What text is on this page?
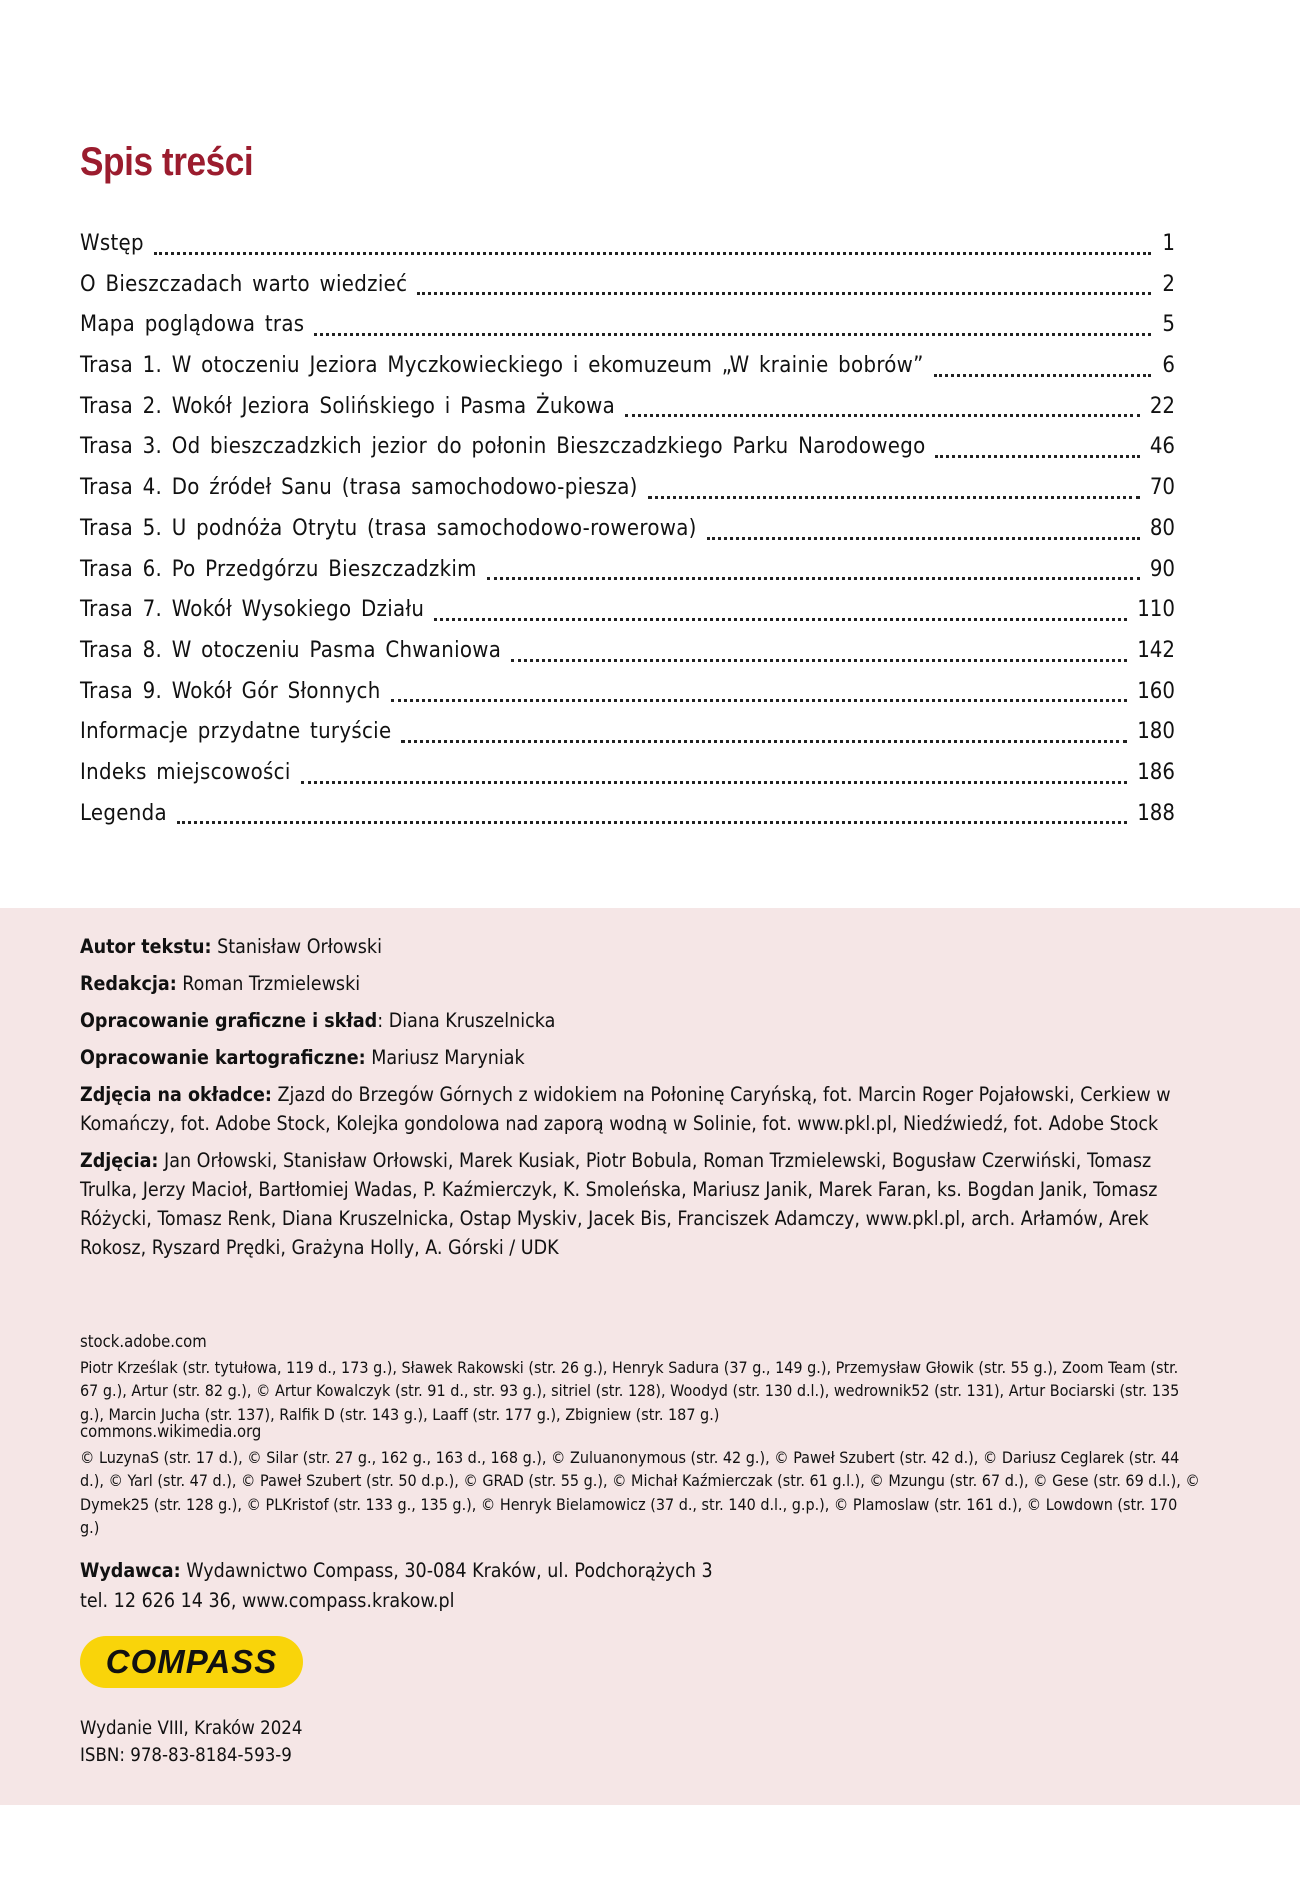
Spis treści
Wstęp	1
O Bieszczadach warto wiedzieć	2
Mapa poglądowa tras	5
Trasa 1. W otoczeniu Jeziora Myczkowieckiego i ekomuzeum „W krainie bobrów”	6
Trasa 2. Wokół Jeziora Solińskiego i Pasma Żukowa	22
Trasa 3. Od bieszczadzkich jezior do połonin Bieszczadzkiego Parku Narodowego	46
Trasa 4. Do źródeł Sanu (trasa samochodowo-piesza)	70
Trasa 5. U podnóża Otrytu (trasa samochodowo-rowerowa)	80
Trasa 6. Po Przedgórzu Bieszczadzkim	90
Trasa 7. Wokół Wysokiego Działu	110
Trasa 8. W otoczeniu Pasma Chwaniowa	142
Trasa 9. Wokół Gór Słonnych	160
Informacje przydatne turyście	180
Indeks miejscowości	186
Legenda	188
Autor tekstu: Stanisław Orłowski
Redakcja: Roman Trzmielewski
Opracowanie graficzne i skład: Diana Kruszelnicka
Opracowanie kartograficzne: Mariusz Maryniak
Zdjęcia na okładce: Zjazd do Brzegów Górnych z widokiem na Połoninę Caryńską, fot. Marcin Roger Pojałowski, Cerkiew w Komańczy, fot. Adobe Stock, Kolejka gondolowa nad zaporą wodną w Solinie, fot. www.pkl.pl, Niedźwiedź, fot. Adobe Stock
Zdjęcia: Jan Orłowski, Stanisław Orłowski, Marek Kusiak, Piotr Bobula, Roman Trzmielewski, Bogusław Czerwiński, Tomasz Trulka, Jerzy Macioł, Bartłomiej Wadas, P. Kaźmierczyk, K. Smoleńska, Mariusz Janik, Marek Faran, ks. Bogdan Janik, Tomasz Różycki, Tomasz Renk, Diana Kruszelnicka, Ostap Myskiv, Jacek Bis, Franciszek Adamczy, www.pkl.pl, arch. Arłamów, Arek Rokosz, Ryszard Prędki, Grażyna Holly, A. Górski / UDK
stock.adobe.com
Piotr Krześlak (str. tytułowa, 119 d., 173 g.), Sławek Rakowski (str. 26 g.), Henryk Sadura (37 g., 149 g.), Przemysław Głowik (str. 55 g.), Zoom Team (str. 67 g.), Artur (str. 82 g.), © Artur Kowalczyk (str. 91 d., str. 93 g.), sitriel (str. 128), Woodyd (str. 130 d.l.), wedrownik52 (str. 131), Artur Bociarski (str. 135 g.), Marcin Jucha (str. 137), Ralfik D (str. 143 g.), Laaff (str. 177 g.), Zbigniew (str. 187 g.)
commons.wikimedia.org
© LuzynaS (str. 17 d.), © Silar (str. 27 g., 162 g., 163 d., 168 g.), © Zuluanonymous (str. 42 g.), © Paweł Szubert (str. 42 d.), © Dariusz Ceglarek (str. 44 d.), © Yarl (str. 47 d.), © Paweł Szubert (str. 50 d.p.), © GRAD (str. 55 g.), © Michał Kaźmierczak (str. 61 g.l.), © Mzungu (str. 67 d.), © Gese (str. 69 d.l.), © Dymek25 (str. 128 g.), © PLKristof (str. 133 g., 135 g.), © Henryk Bielamowicz (37 d., str. 140 d.l., g.p.), © Plamoslaw (str. 161 d.), © Lowdown (str. 170 g.)
Wydawca: Wydawnictwo Compass, 30-084 Kraków, ul. Podchorążych 3
tel. 12 626 14 36, www.compass.krakow.pl
COMPASS
Wydanie VIII, Kraków 2024
ISBN: 978-83-8184-593-9
